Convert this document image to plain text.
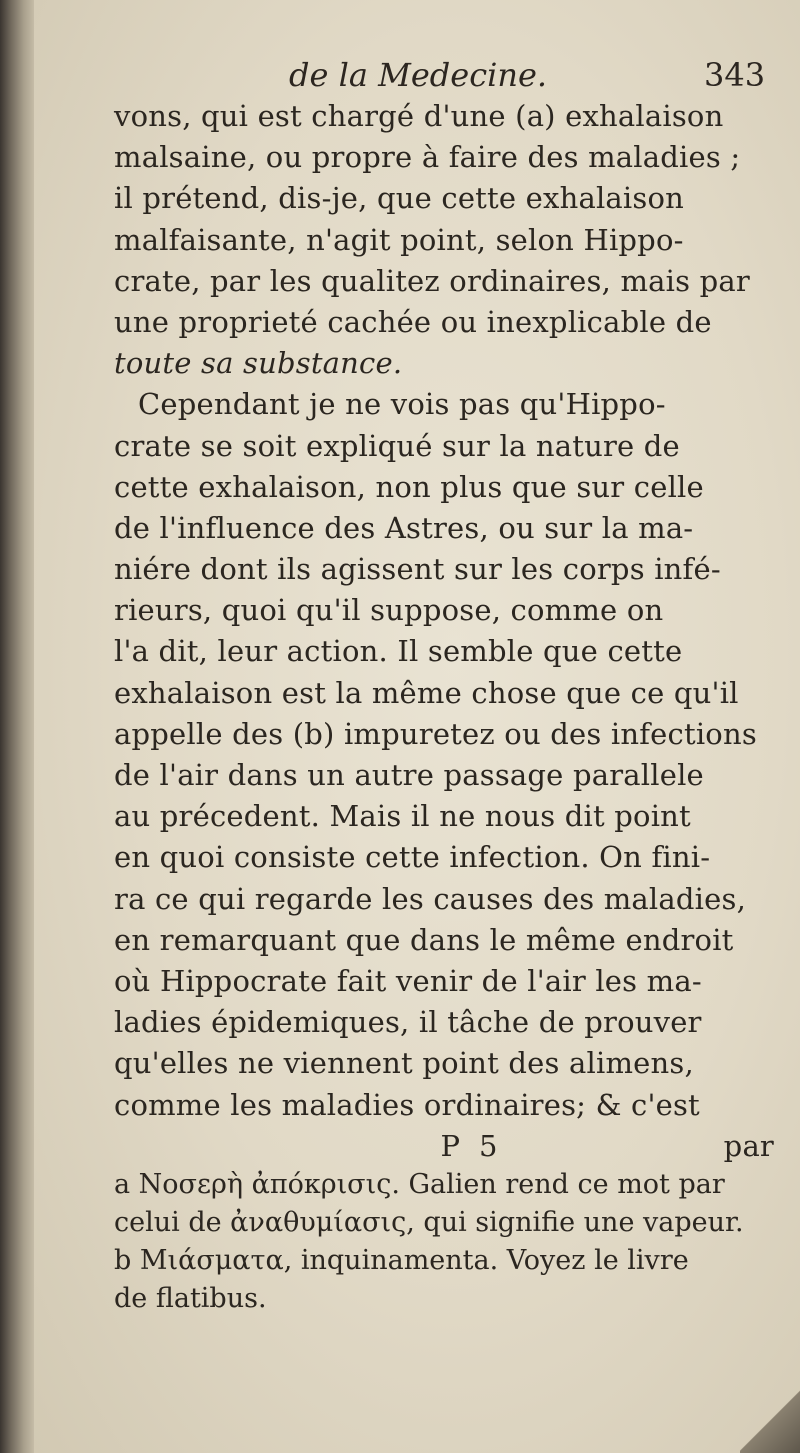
de la Medecine.	343
vons, qui est chargé d'une (a) exhalaison
malsaine, ou propre à faire des maladies ;
il prétend, dis-je, que cette exhalaison
malfaisante, n'agit point, selon Hippo-
crate, par les qualitez ordinaires, mais par
une proprieté cachée ou inexplicable de
toute sa substance.
Cependant je ne vois pas qu'Hippo-
crate se soit expliqué sur la nature de
cette exhalaison, non plus que sur celle
de l'influence des Astres, ou sur la ma-
niére dont ils agissent sur les corps infé-
rieurs, quoi qu'il suppose, comme on
l'a dit, leur action. Il semble que cette
exhalaison est la même chose que ce qu'il
appelle des (b) impuretez ou des infections
de l'air dans un autre passage parallele
au précedent. Mais il ne nous dit point
en quoi consiste cette infection. On fini-
ra ce qui regarde les causes des maladies,
en remarquant que dans le même endroit
où Hippocrate fait venir de l'air les ma-
ladies épidemiques, il tâche de prouver
qu'elles ne viennent point des alimens,
comme les maladies ordinaires; & c'est
P  5                        par
a Νοσερὴ ἀπόκρισις. Galien rend ce mot par
celui de ἀναθυμίασις, qui signifie une vapeur.
b Μιάσματα, inquinamenta. Voyez le livre
de flatibus.
